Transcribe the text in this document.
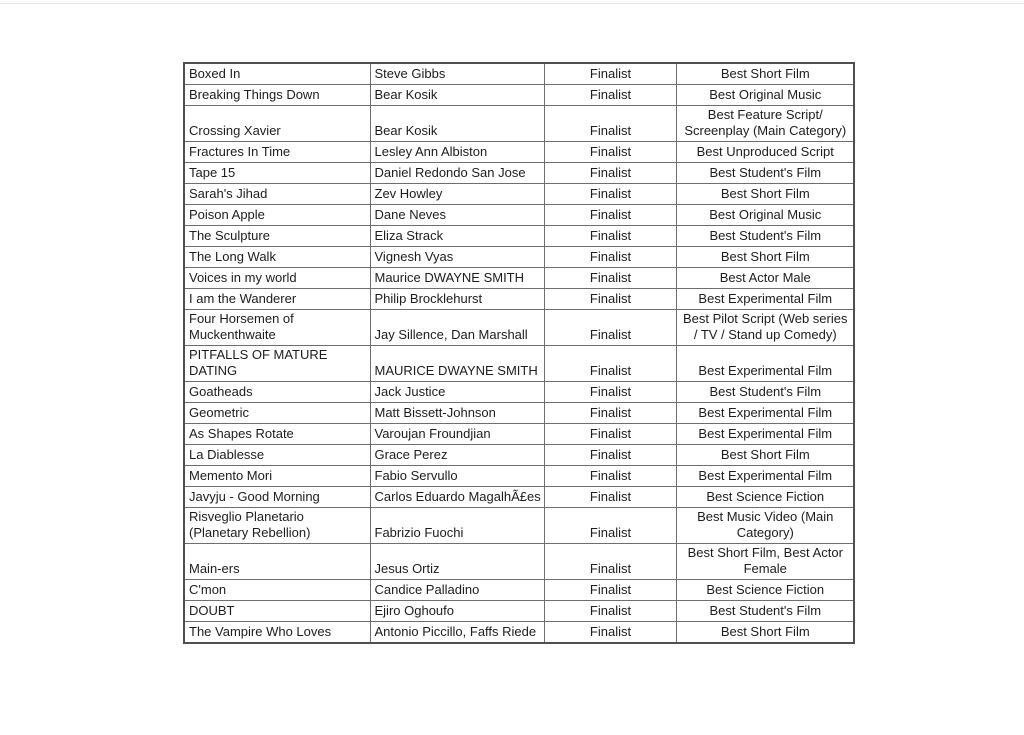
Boxed In	Steve Gibbs	Finalist	Best Short Film
Breaking Things Down	Bear Kosik	Finalist	Best Original Music
Crossing Xavier	Bear Kosik	Finalist	Best Feature Script/ Screenplay (Main Category)
Fractures In Time	Lesley Ann Albiston	Finalist	Best Unproduced Script
Tape 15	Daniel Redondo San Jose	Finalist	Best Student's Film
Sarah's Jihad	Zev Howley	Finalist	Best Short Film
Poison Apple	Dane Neves	Finalist	Best Original Music
The Sculpture	Eliza Strack	Finalist	Best Student's Film
The Long Walk	Vignesh Vyas	Finalist	Best Short Film
Voices in my world	Maurice DWAYNE SMITH	Finalist	Best Actor Male
I am the Wanderer	Philip Brocklehurst	Finalist	Best Experimental Film
Four Horsemen of Muckenthwaite	Jay Sillence, Dan Marshall	Finalist	Best Pilot Script (Web series / TV / Stand up Comedy)
PITFALLS OF MATURE DATING	MAURICE DWAYNE SMITH	Finalist	Best Experimental Film
Goatheads	Jack Justice	Finalist	Best Student's Film
Geometric	Matt Bissett-Johnson	Finalist	Best Experimental Film
As Shapes Rotate	Varoujan Froundjian	Finalist	Best Experimental Film
La Diablesse	Grace Perez	Finalist	Best Short Film
Memento Mori	Fabio Servullo	Finalist	Best Experimental Film
Javyju - Good Morning	Carlos Eduardo MagalhÃ£es	Finalist	Best Science Fiction
Risveglio Planetario (Planetary Rebellion)	Fabrizio Fuochi	Finalist	Best Music Video (Main Category)
Main-ers	Jesus Ortiz	Finalist	Best Short Film, Best Actor Female
C'mon	Candice Palladino	Finalist	Best Science Fiction
DOUBT	Ejiro Oghoufo	Finalist	Best Student's Film
The Vampire Who Loves	Antonio Piccillo, Faffs Riede	Finalist	Best Short Film
